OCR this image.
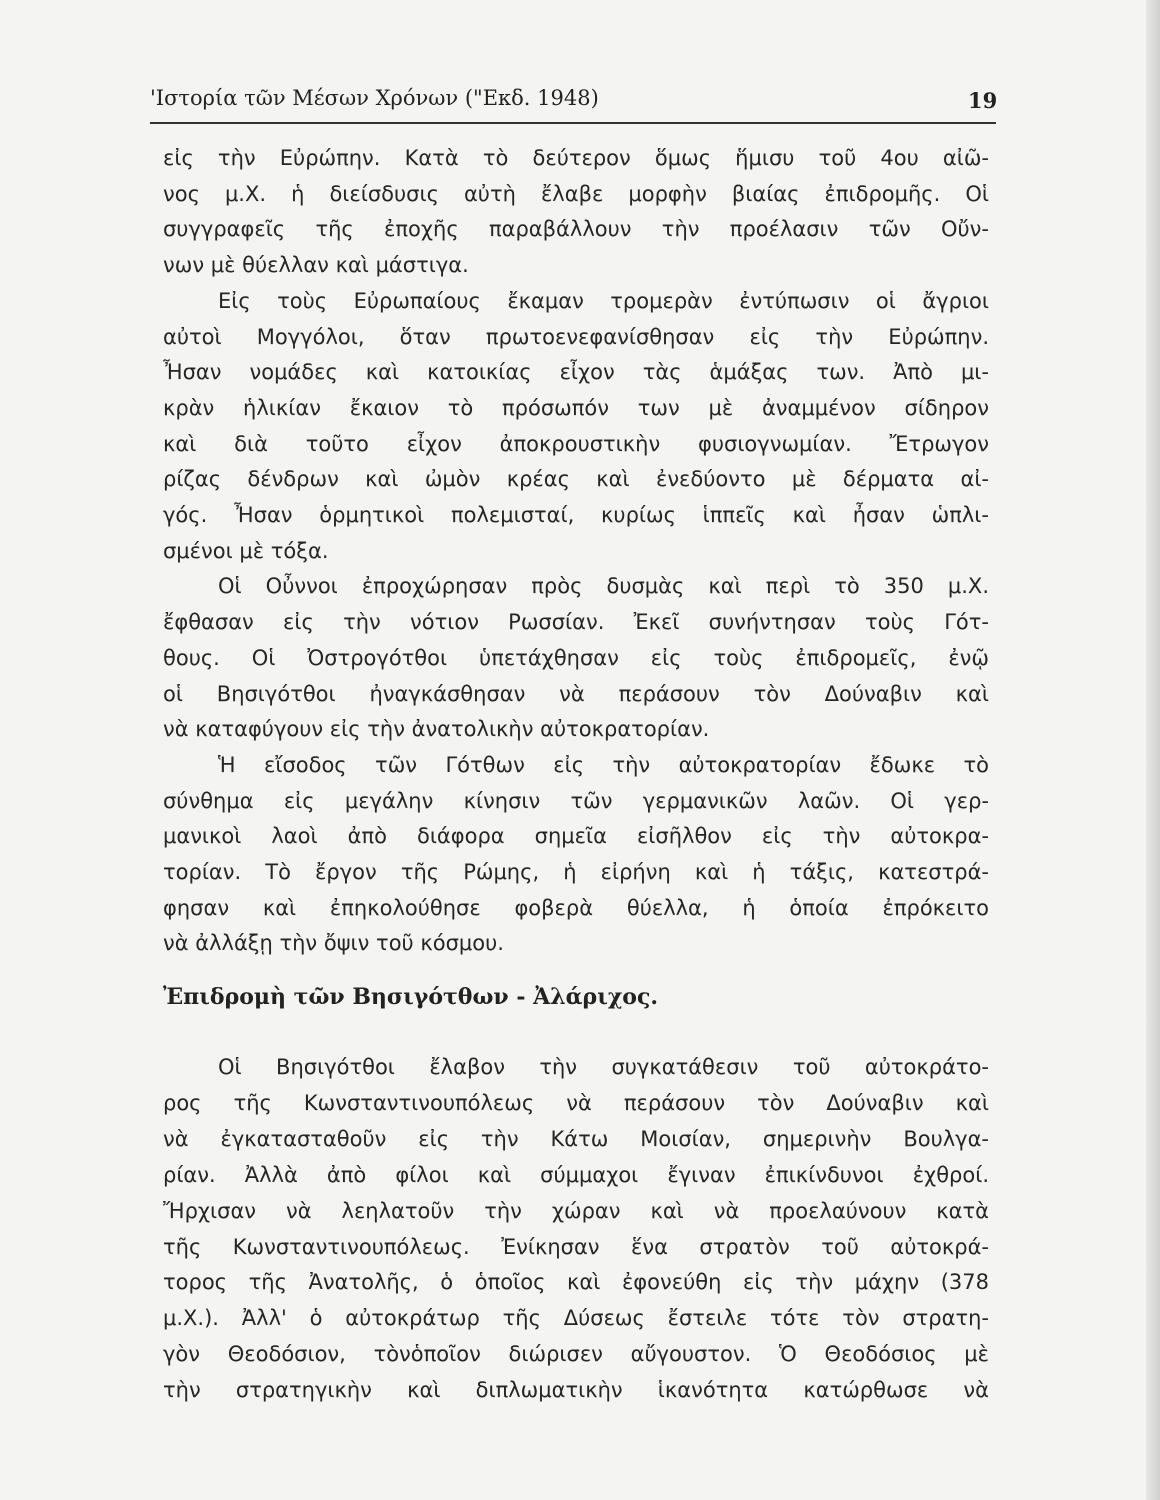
'Ιστορία τῶν Μέσων Χρόνων ("Εκδ. 1948)	19
εἰς τὴν Εὐρώπην. Κατὰ τὸ δεύτερον ὅμως ἥμισυ τοῦ 4ου αἰῶ-
νος μ.Χ. ἡ διείσδυσις αὐτὴ ἔλαβε μορφὴν βιαίας ἐπιδρομῆς. Οἱ
συγγραφεῖς τῆς ἐποχῆς παραβάλλουν τὴν προέλασιν τῶν Οὔν-
νων μὲ θύελλαν καὶ μάστιγα.
Εἰς τοὺς Εὐρωπαίους ἔκαμαν τρομερὰν ἐντύπωσιν οἱ ἄγριοι
αὐτοὶ Μογγόλοι, ὅταν πρωτοενεφανίσθησαν εἰς τὴν Εὐρώπην.
Ἦσαν νομάδες καὶ κατοικίας εἶχον τὰς ἁμάξας των. Ἀπὸ μι-
κρὰν ἡλικίαν ἔκαιον τὸ πρόσωπόν των μὲ ἀναμμένον σίδηρον
καὶ διὰ τοῦτο εἶχον ἀποκρουστικὴν φυσιογνωμίαν. Ἔτρωγον
ρίζας δένδρων καὶ ὠμὸν κρέας καὶ ἐνεδύοντο μὲ δέρματα αἰ-
γός. Ἦσαν ὁρμητικοὶ πολεμισταί, κυρίως ἱππεῖς καὶ ἦσαν ὡπλι-
σμένοι μὲ τόξα.
Οἱ Οὖννοι ἐπροχώρησαν πρὸς δυσμὰς καὶ περὶ τὸ 350 μ.Χ.
ἔφθασαν εἰς τὴν νότιον Ρωσσίαν. Ἐκεῖ συνήντησαν τοὺς Γότ-
θους. Οἱ Ὀστρογότθοι ὑπετάχθησαν εἰς τοὺς ἐπιδρομεῖς, ἐνῷ
οἱ Βησιγότθοι ἠναγκάσθησαν νὰ περάσουν τὸν Δούναβιν καὶ
νὰ καταφύγουν εἰς τὴν ἀνατολικὴν αὐτοκρατορίαν.
Ἡ εἴσοδος τῶν Γότθων εἰς τὴν αὐτοκρατορίαν ἔδωκε τὸ
σύνθημα εἰς μεγάλην κίνησιν τῶν γερμανικῶν λαῶν. Οἱ γερ-
μανικοὶ λαοὶ ἀπὸ διάφορα σημεῖα εἰσῆλθον εἰς τὴν αὐτοκρα-
τορίαν. Τὸ ἔργον τῆς Ρώμης, ἡ εἰρήνη καὶ ἡ τάξις, κατεστρά-
φησαν καὶ ἐπηκολούθησε φοβερὰ θύελλα, ἡ ὁποία ἐπρόκειτο
νὰ ἀλλάξῃ τὴν ὄψιν τοῦ κόσμου.
Ἐπιδρομὴ τῶν Βησιγότθων - Ἀλάριχος.
Οἱ Βησιγότθοι ἔλαβον τὴν συγκατάθεσιν τοῦ αὐτοκράτο-
ρος τῆς Κωνσταντινουπόλεως νὰ περάσουν τὸν Δούναβιν καὶ
νὰ ἐγκατασταθοῦν εἰς τὴν Κάτω Μοισίαν, σημερινὴν Βουλγα-
ρίαν. Ἀλλὰ ἀπὸ φίλοι καὶ σύμμαχοι ἔγιναν ἐπικίνδυνοι ἐχθροί.
Ἤρχισαν νὰ λεηλατοῦν τὴν χώραν καὶ νὰ προελαύνουν κατὰ
τῆς Κωνσταντινουπόλεως. Ἐνίκησαν ἕνα στρατὸν τοῦ αὐτοκρά-
τορος τῆς Ἀνατολῆς, ὁ ὁποῖος καὶ ἐφονεύθη εἰς τὴν μάχην (378
μ.Χ.). Ἀλλ' ὁ αὐτοκράτωρ τῆς Δύσεως ἔστειλε τότε τὸν στρατη-
γὸν Θεοδόσιον, τὸνὁποῖον διώρισεν αὔγουστον. Ὁ Θεοδόσιος μὲ
τὴν στρατηγικὴν καὶ διπλωματικὴν ἱκανότητα κατώρθωσε νὰ
